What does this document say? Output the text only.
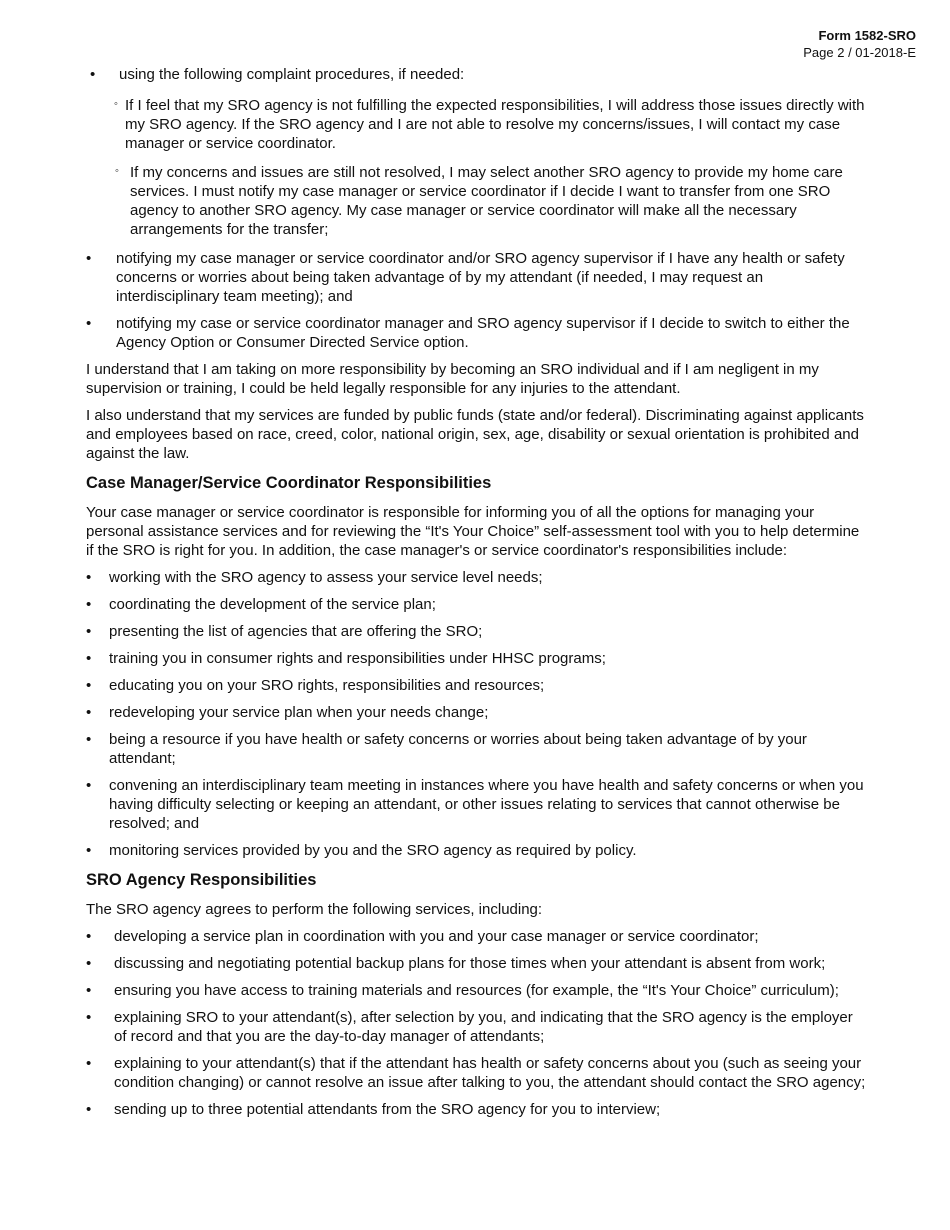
Form 1582-SRO
Page 2 / 01-2018-E
•	using the following complaint procedures, if needed:
◦ If I feel that my SRO agency is not fulfilling the expected responsibilities, I will address those issues directly with my SRO agency. If the SRO agency and I are not able to resolve my concerns/issues, I will contact my case manager or service coordinator.
◦ If my concerns and issues are still not resolved, I may select another SRO agency to provide my home care services. I must notify my case manager or service coordinator if I decide I want to transfer from one SRO agency to another SRO agency. My case manager or service coordinator will make all the necessary arrangements for the transfer;
•	notifying my case manager or service coordinator and/or SRO agency supervisor if I have any health or safety concerns or worries about being taken advantage of by my attendant (if needed, I may request an interdisciplinary team meeting); and
•	notifying my case or service coordinator manager and SRO agency supervisor if I decide to switch to either the Agency Option or Consumer Directed Service option.

I understand that I am taking on more responsibility by becoming an SRO individual and if I am negligent in my supervision or training, I could be held legally responsible for any injuries to the attendant.

I also understand that my services are funded by public funds (state and/or federal). Discriminating against applicants and employees based on race, creed, color, national origin, sex, age, disability or sexual orientation is prohibited and against the law.

Case Manager/Service Coordinator Responsibilities

Your case manager or service coordinator is responsible for informing you of all the options for managing your personal assistance services and for reviewing the “It's Your Choice” self-assessment tool with you to help determine if the SRO is right for you. In addition, the case manager's or service coordinator's responsibilities include:

•	working with the SRO agency to assess your service level needs;
•	coordinating the development of the service plan;
•	presenting the list of agencies that are offering the SRO;
•	training you in consumer rights and responsibilities under HHSC programs;
•	educating you on your SRO rights, responsibilities and resources;
•	redeveloping your service plan when your needs change;
•	being a resource if you have health or safety concerns or worries about being taken advantage of by your attendant;
•	convening an interdisciplinary team meeting in instances where you have health and safety concerns or when you having difficulty selecting or keeping an attendant, or other issues relating to services that cannot otherwise be resolved; and
•	monitoring services provided by you and the SRO agency as required by policy.
SRO Agency Responsibilities

The SRO agency agrees to perform the following services, including:

•	developing a service plan in coordination with you and your case manager or service coordinator;
•	discussing and negotiating potential backup plans for those times when your attendant is absent from work;
•	ensuring you have access to training materials and resources (for example, the “It's Your Choice” curriculum);
•	explaining SRO to your attendant(s), after selection by you, and indicating that the SRO agency is the employer of record and that you are the day-to-day manager of attendants;
•	explaining to your attendant(s) that if the attendant has health or safety concerns about you (such as seeing your condition changing) or cannot resolve an issue after talking to you, the attendant should contact the SRO agency;
•	sending up to three potential attendants from the SRO agency for you to interview;
